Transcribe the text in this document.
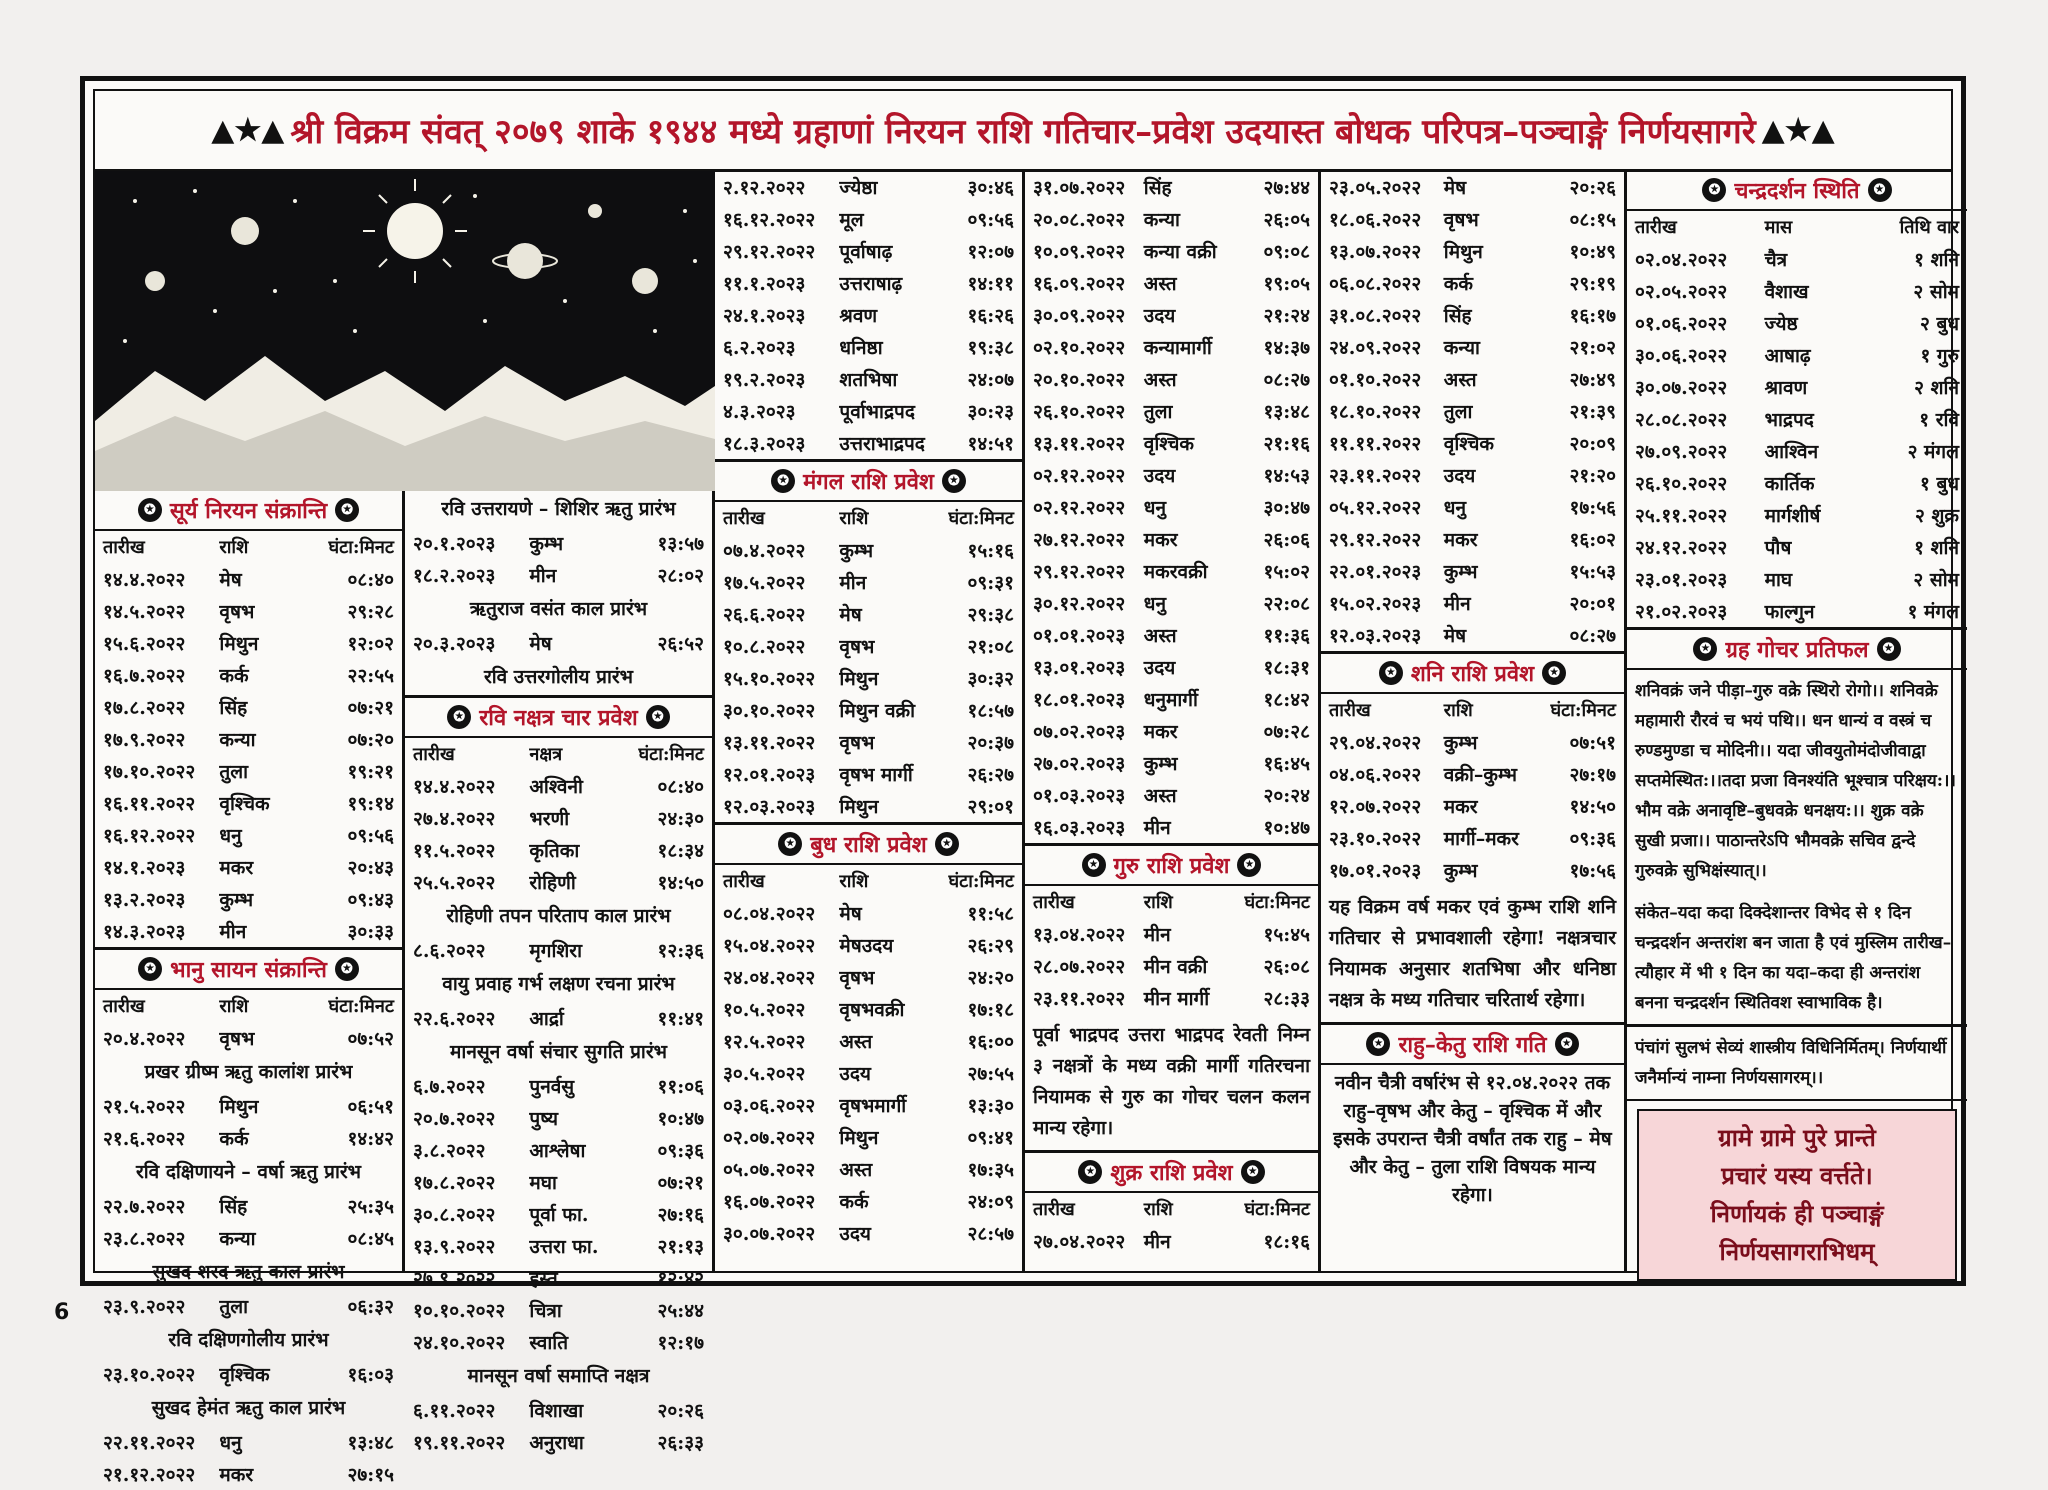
▲★▲ श्री विक्रम संवत् २०७९ शाके १९४४ मध्ये ग्रहाणां निरयन राशि गतिचार–प्रवेश उदयास्त बोधक परिपत्र–पञ्चाङ्गे निर्णयसागरे ▲★▲
✪ सूर्य निरयन संक्रान्ति	✪
तारीख	राशि	घंटा:मिनट
१४.४.२०२२	मेष	०८:४०
१४.५.२०२२	वृषभ	२९:२८
१५.६.२०२२	मिथुन	१२:०२
१६.७.२०२२	कर्क	२२:५५
१७.८.२०२२	सिंह	०७:२१
१७.९.२०२२	कन्या	०७:२०
१७.१०.२०२२	तुला	१९:२१
१६.११.२०२२	वृश्चिक	१९:१४
१६.१२.२०२२	धनु	०९:५६
१४.१.२०२३	मकर	२०:४३
१३.२.२०२३	कुम्भ	०९:४३
१४.३.२०२३	मीन	३०:३३
✪ भानु सायन संक्रान्ति	✪
तारीख	राशि	घंटा:मिनट
२०.४.२०२२	वृषभ	०७:५२
प्रखर ग्रीष्म ऋतु कालांश प्रारंभ
२१.५.२०२२	मिथुन	०६:५१
२१.६.२०२२	कर्क	१४:४२
रवि दक्षिणायने – वर्षा ऋतु प्रारंभ
२२.७.२०२२	सिंह	२५:३५
२३.८.२०२२	कन्या	०८:४५
सुखद शरद ऋतु काल प्रारंभ
२३.९.२०२२	तुला	०६:३२
रवि दक्षिणगोलीय प्रारंभ
२३.१०.२०२२	वृश्चिक	१६:०३
सुखद हेमंत ऋतु काल प्रारंभ
२२.११.२०२२	धनु	१३:४८
२१.१२.२०२२	मकर	२७:१५
रवि उत्तरायणे – शिशिर ऋतु प्रारंभ
२०.१.२०२३	कुम्भ	१३:५७
१८.२.२०२३	मीन	२८:०२
ऋतुराज वसंत काल प्रारंभ
२०.३.२०२३	मेष	२६:५२
रवि उत्तरगोलीय प्रारंभ
✪ रवि नक्षत्र चार प्रवेश	✪
तारीख	नक्षत्र	घंटा:मिनट
१४.४.२०२२	अश्विनी	०८:४०
२७.४.२०२२	भरणी	२४:३०
११.५.२०२२	कृतिका	१८:३४
२५.५.२०२२	रोहिणी	१४:५०
रोहिणी तपन परिताप काल प्रारंभ
८.६.२०२२	मृगशिरा	१२:३६
वायु प्रवाह गर्भ लक्षण रचना प्रारंभ
२२.६.२०२२	आर्द्रा	११:४१
मानसून वर्षा संचार सुगति प्रारंभ
६.७.२०२२	पुनर्वसु	११:०६
२०.७.२०२२	पुष्य	१०:४७
३.८.२०२२	आश्लेषा	०९:३६
१७.८.२०२२	मघा	०७:२१
३०.८.२०२२	पूर्वा फा.	२७:१६
१३.९.२०२२	उत्तरा फा.	२१:१३
२७.९.२०२२	हस्त	१२:४२
१०.१०.२०२२	चित्रा	२५:४४
२४.१०.२०२२	स्वाति	१२:१७
मानसून वर्षा समाप्ति नक्षत्र
६.११.२०२२	विशाखा	२०:२६
१९.११.२०२२	अनुराधा	२६:३३
२.१२.२०२२	ज्येष्ठा	३०:४६
१६.१२.२०२२	मूल	०९:५६
२९.१२.२०२२	पूर्वाषाढ़	१२:०७
११.१.२०२३	उत्तराषाढ़	१४:११
२४.१.२०२३	श्रवण	१६:२६
६.२.२०२३	धनिष्ठा	१९:३८
१९.२.२०२३	शतभिषा	२४:०७
४.३.२०२३	पूर्वाभाद्रपद	३०:२३
१८.३.२०२३	उत्तराभाद्रपद	१४:५१
✪ मंगल राशि प्रवेश	✪
तारीख	राशि	घंटा:मिनट
०७.४.२०२२	कुम्भ	१५:१६
१७.५.२०२२	मीन	०९:३१
२६.६.२०२२	मेष	२९:३८
१०.८.२०२२	वृषभ	२१:०८
१५.१०.२०२२	मिथुन	३०:३२
३०.१०.२०२२	मिथुन वक्री	१८:५७
१३.११.२०२२	वृषभ	२०:३७
१२.०१.२०२३	वृषभ मार्गी	२६:२७
१२.०३.२०२३	मिथुन	२९:०१
✪ बुध राशि प्रवेश	✪
तारीख	राशि	घंटा:मिनट
०८.०४.२०२२	मेष	११:५८
१५.०४.२०२२	मेषउदय	२६:२९
२४.०४.२०२२	वृषभ	२४:२०
१०.५.२०२२	वृषभवक्री	१७:१८
१२.५.२०२२	अस्त	१६:००
३०.५.२०२२	उदय	२७:५५
०३.०६.२०२२	वृषभमार्गी	१३:३०
०२.०७.२०२२	मिथुन	०९:४१
०५.०७.२०२२	अस्त	१७:३५
१६.०७.२०२२	कर्क	२४:०९
३०.०७.२०२२	उदय	२८:५७
३१.०७.२०२२ सिंह	२७:४४
२०.०८.२०२२ कन्या	२६:०५
१०.०९.२०२२ कन्या वक्री	०९:०८
१६.०९.२०२२ अस्त	१९:०५
३०.०९.२०२२ उदय	२१:२४
०२.१०.२०२२ कन्यामार्गी	१४:३७
२०.१०.२०२२ अस्त	०८:२७
२६.१०.२०२२ तुला	१३:४८
१३.११.२०२२ वृश्चिक	२१:१६
०२.१२.२०२२ उदय	१४:५३
०२.१२.२०२२ धनु	३०:४७
२७.१२.२०२२ मकर	२६:०६
२९.१२.२०२२ मकरवक्री	१५:०२
३०.१२.२०२२ धनु	२२:०८
०१.०१.२०२३ अस्त	११:३६
१३.०१.२०२३ उदय	१८:३१
१८.०१.२०२३ धनुमार्गी	१८:४२
०७.०२.२०२३ मकर	०७:२८
२७.०२.२०२३ कुम्भ	१६:४५
०१.०३.२०२३ अस्त	२०:२४
१६.०३.२०२३ मीन	१०:४७
✪ गुरु राशि प्रवेश	✪
तारीख	राशि	घंटा:मिनट
१३.०४.२०२२ मीन	१५:४५
२८.०७.२०२२ मीन वक्री	२६:०८
२३.११.२०२२ मीन मार्गी	२८:३३
पूर्वा भाद्रपद उत्तरा भाद्रपद रेवती निम्न ३ नक्षत्रों के मध्य वक्री मार्गी गतिरचना नियामक से गुरु का गोचर चलन कलन मान्य रहेगा।
✪ शुक्र राशि प्रवेश	✪
तारीख	राशि	घंटा:मिनट
२७.०४.२०२२ मीन	१८:१६
२३.०५.२०२२	मेष	२०:२६
१८.०६.२०२२	वृषभ	०८:१५
१३.०७.२०२२	मिथुन	१०:४९
०६.०८.२०२२	कर्क	२९:१९
३१.०८.२०२२	सिंह	१६:१७
२४.०९.२०२२	कन्या	२१:०२
०१.१०.२०२२	अस्त	२७:४९
१८.१०.२०२२	तुला	२१:३९
११.११.२०२२	वृश्चिक	२०:०९
२३.११.२०२२	उदय	२१:२०
०५.१२.२०२२	धनु	१७:५६
२९.१२.२०२२	मकर	१६:०२
२२.०१.२०२३	कुम्भ	१५:५३
१५.०२.२०२३	मीन	२०:०१
१२.०३.२०२३	मेष	०८:२७
✪ शनि राशि प्रवेश	✪
तारीख	राशि	घंटा:मिनट
२९.०४.२०२२	कुम्भ	०७:५१
०४.०६.२०२२	वक्री–कुम्भ	२७:१७
१२.०७.२०२२	मकर	१४:५०
२३.१०.२०२२	मार्गी–मकर	०९:३६
१७.०१.२०२३	कुम्भ	१७:५६
यह विक्रम वर्ष मकर एवं कुम्भ राशि शनि गतिचार से प्रभावशाली रहेगा! नक्षत्रचार नियामक अनुसार शतभिषा और धनिष्ठा नक्षत्र के मध्य गतिचार चरितार्थ रहेगा।
✪ राहु–केतु राशि गति	✪
नवीन चैत्री वर्षारंभ से १२.०४.२०२२ तक राहु–वृषभ और केतु – वृश्चिक में और इसके उपरान्त चैत्री वर्षांत तक राहु – मेष और केतु – तुला राशि विषयक मान्य रहेगा।
✪ चन्द्रदर्शन स्थिति	✪
तारीख	मास	तिथि वार
०२.०४.२०२२	चैत्र	१ शनि
०२.०५.२०२२	वैशाख	२ सोम
०१.०६.२०२२	ज्येष्ठ	२ बुध
३०.०६.२०२२	आषाढ़	१ गुरु
३०.०७.२०२२	श्रावण	२ शनि
२८.०८.२०२२	भाद्रपद	१ रवि
२७.०९.२०२२	आश्विन	२ मंगल
२६.१०.२०२२	कार्तिक	१ बुध
२५.११.२०२२	मार्गशीर्ष	२ शुक्र
२४.१२.२०२२	पौष	१ शनि
२३.०१.२०२३	माघ	२ सोम
२१.०२.२०२३	फाल्गुन	१ मंगल
✪ ग्रह गोचर प्रतिफल	✪
शनिवक्रं जने पीड़ा–गुरु वक्रे स्थिरो रोगो।। शनिवक्रे महामारी रौरवं च भयं पथि।। धन धान्यं व वस्त्रं च रुण्डमुण्डा च मोदिनी।। यदा जीवयुतोमंदोजीवाद्वा सप्तमेस्थित:।।तदा प्रजा विनश्यंति भूश्चात्र परिक्षय:।। भौम वक्रे अनावृष्टि–बुधवक्रे धनक्षय:।। शुक्र वक्रे सुखी प्रजा।। पाठान्तरेऽपि भौमवक्रे सचिव द्वन्दे गुरुवक्रे सुभिक्षंस्यात्।।
संकेत–यदा कदा दिक्देशान्तर विभेद से १ दिन चन्द्रदर्शन अन्तरांश बन जाता है एवं मुस्लिम तारीख–त्यौहार में भी १ दिन का यदा–कदा ही अन्तरांश बनना चन्द्रदर्शन स्थितिवश स्वाभाविक है।
पंचांगं सुलभं सेव्यं शास्त्रीय विधिनिर्मितम्। निर्णयार्थी जनैर्मान्यं नाम्ना निर्णयसागरम्।।
ग्रामे ग्रामे पुरे प्रान्ते
प्रचारं यस्य वर्त्तते।
निर्णायकं ही पञ्चाङ्गं
निर्णयसागराभिधम्
6
